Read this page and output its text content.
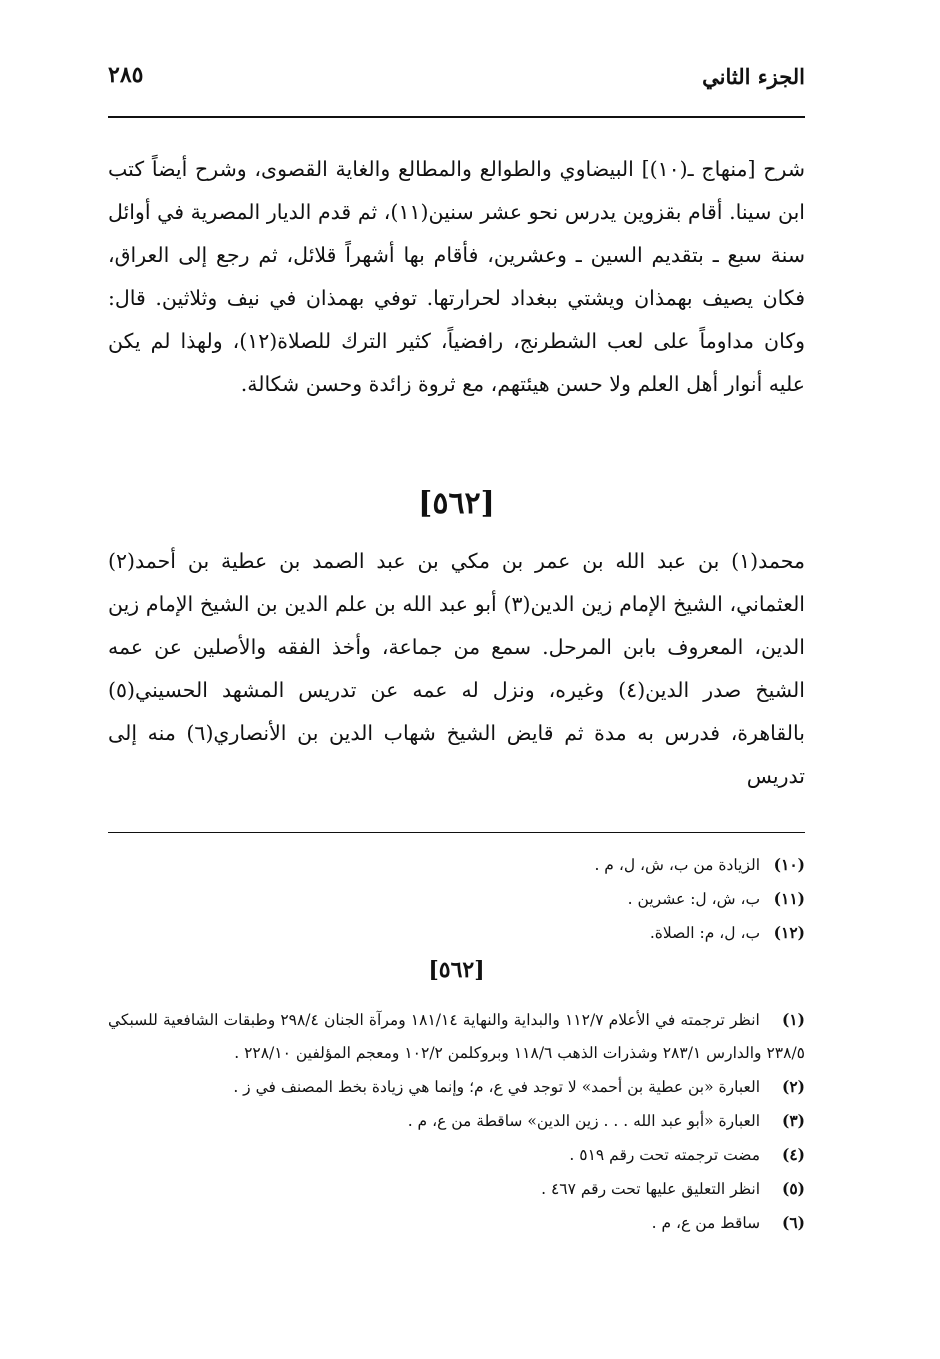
الجزء الثاني
٢٨٥

شرح [منهاج ـ(١٠)] البيضاوي والطوالع والمطالع والغاية القصوى، وشرح أيضاً كتب ابن سينا. أقام بقزوين يدرس نحو عشر سنين(١١)، ثم قدم الديار المصرية في أوائل سنة سبع ـ بتقديم السين ـ وعشرين، فأقام بها أشهراً قلائل، ثم رجع إلى العراق، فكان يصيف بهمذان ويشتي ببغداد لحرارتها. توفي بهمذان في نيف وثلاثين. قال: وكان مداوماً على لعب الشطرنج، رافضياً، كثير الترك للصلاة(١٢)، ولهذا لم يكن عليه أنوار أهل العلم ولا حسن هيئتهم، مع ثروة زائدة وحسن شكالة.

[٥٦٢]

محمد(١) بن عبد الله بن عمر بن مكي بن عبد الصمد بن عطية بن أحمد(٢) العثماني، الشيخ الإمام زين الدين(٣) أبو عبد الله بن علم الدين بن الشيخ الإمام زين الدين، المعروف بابن المرحل. سمع من جماعة، وأخذ الفقه والأصلين عن عمه الشيخ صدر الدين(٤) وغيره، ونزل له عمه عن تدريس المشهد الحسيني(٥) بالقاهرة، فدرس به مدة ثم قايض الشيخ شهاب الدين بن الأنصاري(٦) منه إلى تدريس

(١٠) الزيادة من ب، ش، ل، م .
(١١) ب، ش، ل: عشرين .
(١٢) ب، ل، م: الصلاة.
[٥٦٢]
(١) انظر ترجمته في الأعلام ١١٢/٧ والبداية والنهاية ١٨١/١٤ ومرآة الجنان ٢٩٨/٤ وطبقات الشافعية للسبكي ٢٣٨/٥ والدارس ٢٨٣/١ وشذرات الذهب ١١٨/٦ وبروكلمن ١٠٢/٢ ومعجم المؤلفين ٢٢٨/١٠ .
(٢) العبارة «بن عطية بن أحمد» لا توجد في ع، م؛ وإنما هي زيادة بخط المصنف في ز .
(٣) العبارة «أبو عبد الله . . . زين الدين» ساقطة من ع، م .
(٤) مضت ترجمته تحت رقم ٥١٩ .
(٥) انظر التعليق عليها تحت رقم ٤٦٧ .
(٦) ساقط من ع، م .
